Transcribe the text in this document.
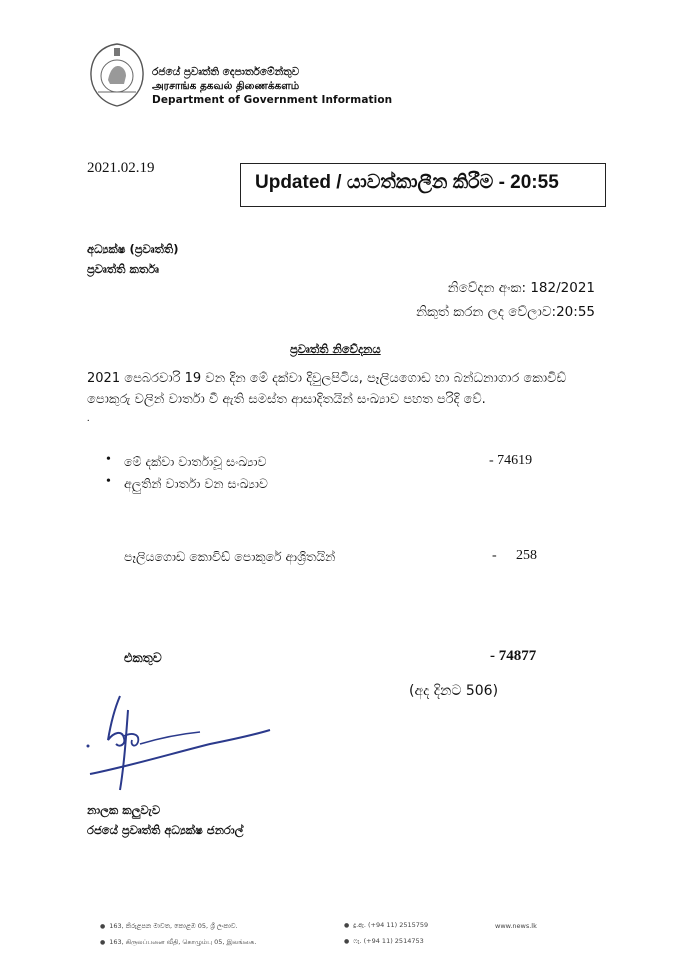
රජයේ ප්‍රවෘත්ති දෙපාර්තමේන්තුව
அரசாங்க தகவல் திணைக்களம்
Department of Government Information
2021.02.19
Updated / යාවත්කාලීන කිරීම - 20:55
අධ්‍යක්ෂ (ප්‍රවෘත්ති)
ප්‍රවෘත්ති කර්තෘ
නිවේදන අංක: 182/2021
නිකුත් කරන ලද වේලාව:20:55
ප්‍රවෘත්ති නිවේදනය
2021 පෙබරවාරි 19 වන දින මේ දක්වා දිවුලපිටිය, පෑලියගොඩ හා බන්ධනාගාර කොවිඩ්
පොකුරු වලින් වාර්තා වී ඇති සමස්ත ආසාදිතයින් සංඛ්‍යාව පහත පරිදි වේ.
.
• මේ දක්වා වාර්තාවූ සංඛ්‍යාව	- 74619
• අලුතින් වාර්තා වන සංඛ්‍යාව
පෑලියගොඩ කොවිඩ් පොකුරේ ආශ්‍රිතයින්	- 258
එකතුව	- 74877
(අද දිනට 506)
නාලක කලුවැව
රජයේ ප්‍රවෘත්ති අධ්‍යක්ෂ ජනරාල්
● 163, කිරුළපන මාවත, කොළඹ 05, ශ්‍රී ලංකාව.
● 163, கிருலப்பனை வீதி, கொழும்பு 05, இலங்கை.
● දු.ඇ. (+94 11) 2515759
● ෆැ. (+94 11) 2514753
www.news.lk
